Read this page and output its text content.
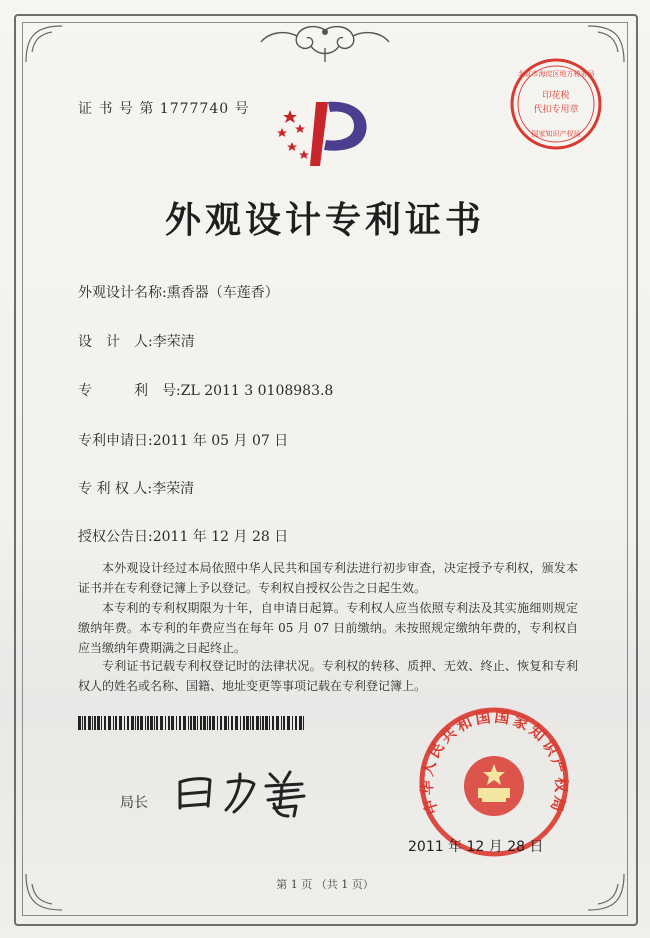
证 书 号 第 1777740 号
北京市海淀区地方税务局
印花税
代扣专用章
国家知识产权局
外观设计专利证书
外观设计名称:熏香器（车莲香）
设　计　人:李荣清
专　　　利　号:ZL 2011 3 0108983.8
专利申请日:2011 年 05 月 07 日
专 利 权 人:李荣清
授权公告日:2011 年 12 月 28 日
本外观设计经过本局依照中华人民共和国专利法进行初步审查，决定授予专利权，颁发本证书并在专利登记簿上予以登记。专利权自授权公告之日起生效。
本专利的专利权期限为十年，自申请日起算。专利权人应当依照专利法及其实施细则规定缴纳年费。本专利的年费应当在每年 05 月 07 日前缴纳。未按照规定缴纳年费的，专利权自应当缴纳年费期满之日起终止。
专利证书记载专利权登记时的法律状况。专利权的转移、质押、无效、终止、恢复和专利权人的姓名或名称、国籍、地址变更等事项记载在专利登记簿上。
局长	中华人民共和国国家知识产权局
2011 年 12 月 28 日
第 1 页 （共 1 页）
